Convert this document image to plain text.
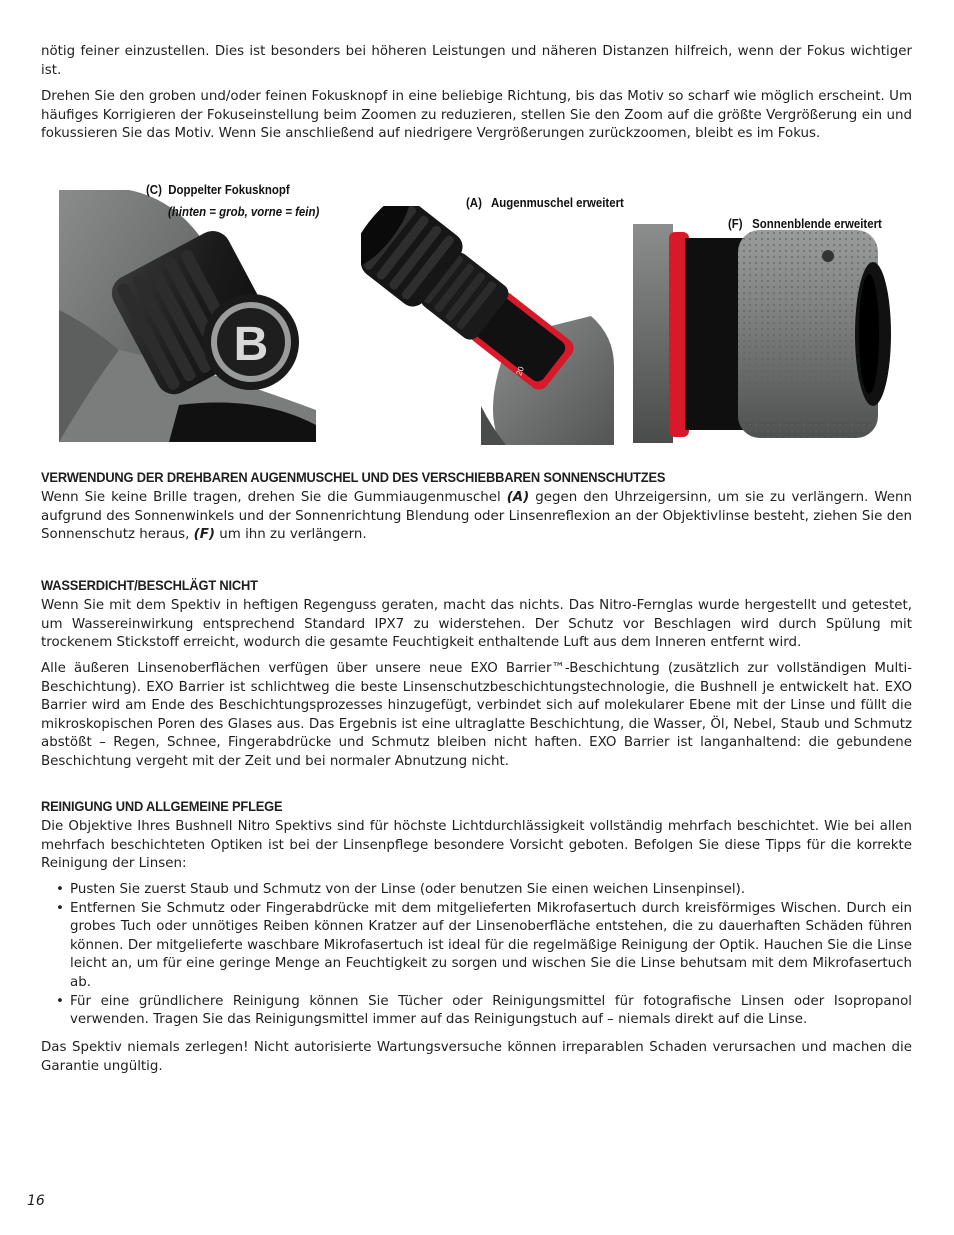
nötig feiner einzustellen. Dies ist besonders bei höheren Leistungen und näheren Distanzen hilfreich, wenn der Fokus wichtiger ist.

Drehen Sie den groben und/oder feinen Fokusknopf in eine beliebige Richtung, bis das Motiv so scharf wie möglich erscheint. Um häufiges Korrigieren der Fokuseinstellung beim Zoomen zu reduzieren, stellen Sie den Zoom auf die größte Vergrößerung ein und fokussieren Sie das Motiv. Wenn Sie anschließend auf niedrigere Vergrößerungen zurückzoomen, bleibt es im Fokus.

B
(C) Doppelter Fokusknopf
(hinten = grob, vorne = fein)
20
(A) Augenmuschel erweitert
(F) Sonnenblende erweitert
VERWENDUNG DER DREHBAREN AUGENMUSCHEL UND DES VERSCHIEBBAREN SONNENSCHUTZES

Wenn Sie keine Brille tragen, drehen Sie die Gummiaugenmuschel (A) gegen den Uhrzeigersinn, um sie zu verlängern. Wenn aufgrund des Sonnenwinkels und der Sonnenrichtung Blendung oder Linsenreflexion an der Objektivlinse besteht, ziehen Sie den Sonnenschutz heraus, (F) um ihn zu verlängern.

WASSERDICHT/BESCHLÄGT NICHT

Wenn Sie mit dem Spektiv in heftigen Regenguss geraten, macht das nichts. Das Nitro-Fernglas wurde hergestellt und getestet, um Wassereinwirkung entsprechend Standard IPX7 zu widerstehen. Der Schutz vor Beschlagen wird durch Spülung mit trockenem Stickstoff erreicht, wodurch die gesamte Feuchtigkeit enthaltende Luft aus dem Inneren entfernt wird.

Alle äußeren Linsenoberflächen verfügen über unsere neue EXO Barrier™-Beschichtung (zusätzlich zur vollständigen Multi-Beschichtung). EXO Barrier ist schlichtweg die beste Linsenschutzbeschichtungstechnologie, die Bushnell je entwickelt hat. EXO Barrier wird am Ende des Beschichtungsprozesses hinzugefügt, verbindet sich auf molekularer Ebene mit der Linse und füllt die mikroskopischen Poren des Glases aus. Das Ergebnis ist eine ultraglatte Beschichtung, die Wasser, Öl, Nebel, Staub und Schmutz abstößt – Regen, Schnee, Fingerabdrücke und Schmutz bleiben nicht haften. EXO Barrier ist langanhaltend: die gebundene Beschichtung vergeht mit der Zeit und bei normaler Abnutzung nicht.

REINIGUNG UND ALLGEMEINE PFLEGE

Die Objektive Ihres Bushnell Nitro Spektivs sind für höchste Lichtdurchlässigkeit vollständig mehrfach beschichtet. Wie bei allen mehrfach beschichteten Optiken ist bei der Linsenpflege besondere Vorsicht geboten. Befolgen Sie diese Tipps für die korrekte Reinigung der Linsen:

• Pusten Sie zuerst Staub und Schmutz von der Linse (oder benutzen Sie einen weichen Linsenpinsel).
• Entfernen Sie Schmutz oder Fingerabdrücke mit dem mitgelieferten Mikrofasertuch durch kreisförmiges Wischen. Durch ein grobes Tuch oder unnötiges Reiben können Kratzer auf der Linsenoberfläche entstehen, die zu dauerhaften Schäden führen können. Der mitgelieferte waschbare Mikrofasertuch ist ideal für die regelmäßige Reinigung der Optik. Hauchen Sie die Linse leicht an, um für eine geringe Menge an Feuchtigkeit zu sorgen und wischen Sie die Linse behutsam mit dem Mikrofasertuch ab.
• Für eine gründlichere Reinigung können Sie Tücher oder Reinigungsmittel für fotografische Linsen oder Isopropanol verwenden. Tragen Sie das Reinigungsmittel immer auf das Reinigungstuch auf – niemals direkt auf die Linse.

Das Spektiv niemals zerlegen! Nicht autorisierte Wartungsversuche können irreparablen Schaden verursachen und machen die Garantie ungültig.

16
